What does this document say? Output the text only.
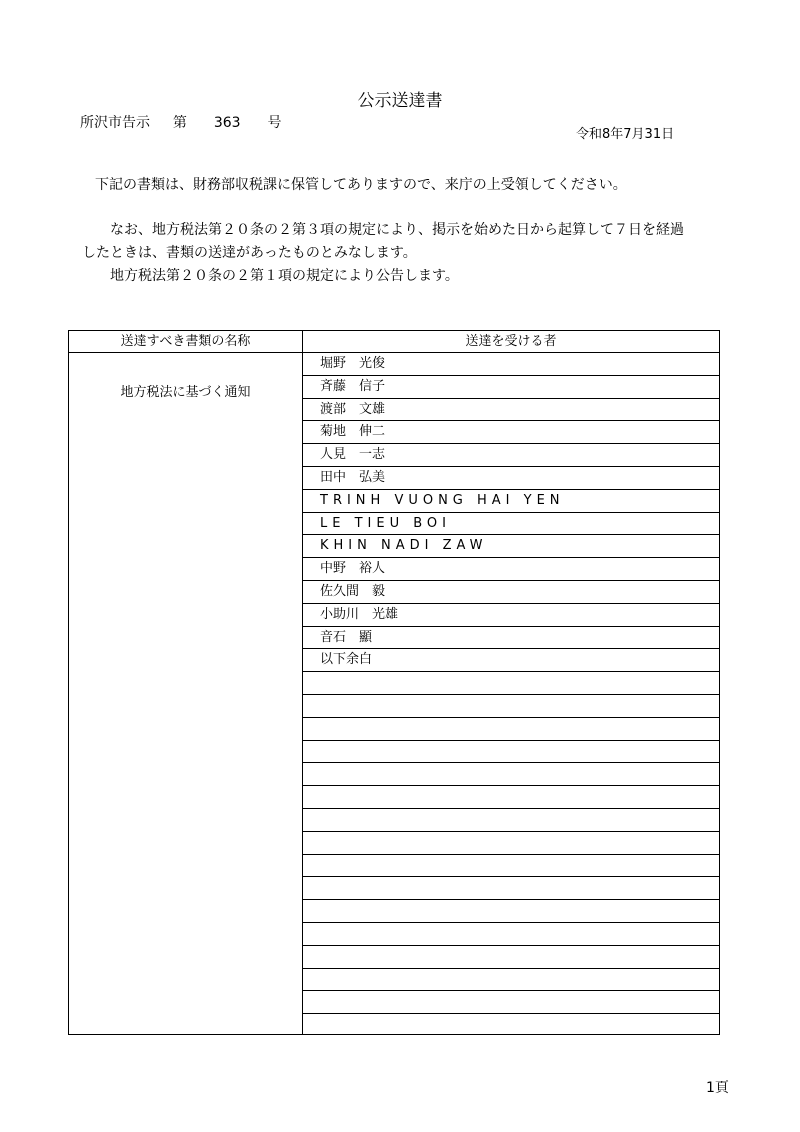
公示送達書
所沢市告示 第 363 号
令和8年7月31日
下記の書類は、財務部収税課に保管してありますので、来庁の上受領してください。
なお、地方税法第２０条の２第３項の規定により、掲示を始めた日から起算して７日を経過
したときは、書類の送達があったものとみなします。
地方税法第２０条の２第１項の規定により公告します。
送達すべき書類の名称	送達を受ける者
地方税法に基づく通知
堀野　光俊
斉藤　信子
渡部　文雄
菊地　伸二
人見　一志
田中　弘美
TRINH VUONG HAI YEN
LE TIEU BOI
KHIN NADI ZAW
中野　裕人
佐久間　毅
小助川　光雄
音石　顯
以下余白
1頁
